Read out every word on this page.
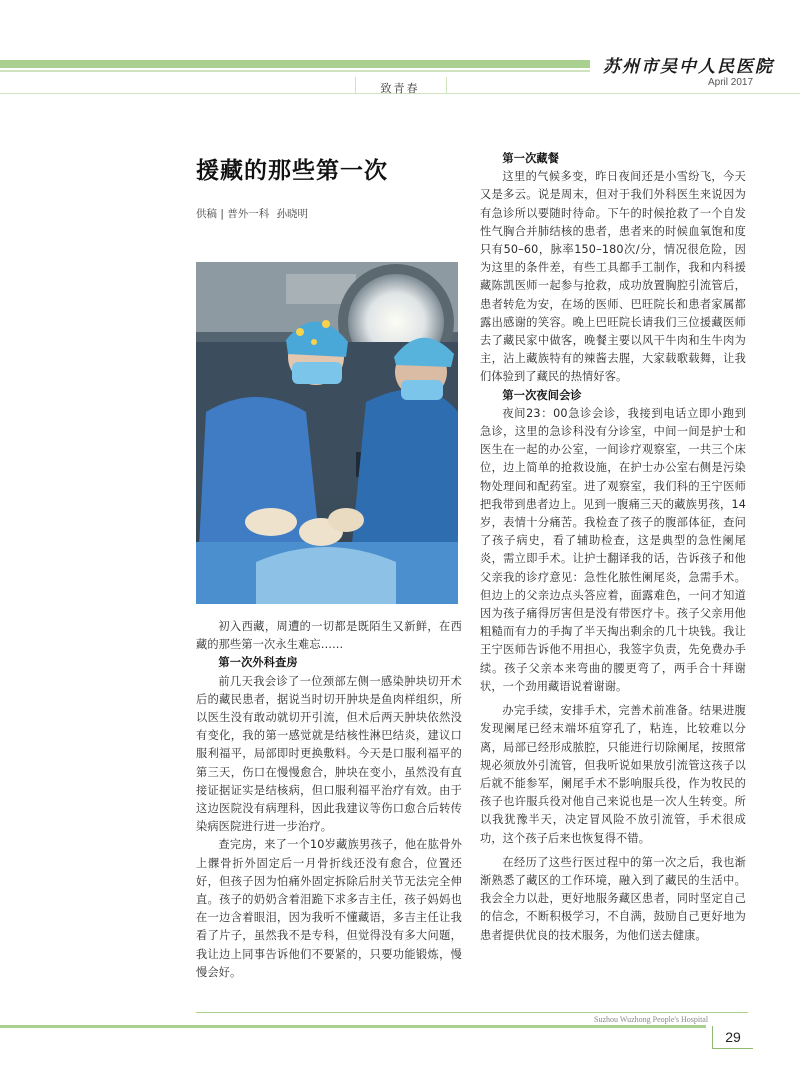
苏州市吴中人民医院
April 2017
致青春
援藏的那些第一次
供稿 | 普外一科 孙晓明

初入西藏，周遭的一切都是既陌生又新鲜，在西藏的那些第一次永生难忘……

第一次外科查房

前几天我会诊了一位颈部左侧一感染肿块切开术后的藏民患者，据说当时切开肿块是鱼肉样组织，所以医生没有敢动就切开引流，但术后两天肿块依然没有变化，我的第一感觉就是结核性淋巴结炎，建议口服利福平，局部即时更换敷料。今天是口服利福平的第三天，伤口在慢慢愈合，肿块在变小，虽然没有直接证据证实是结核病，但口服利福平治疗有效。由于这边医院没有病理科，因此我建议等伤口愈合后转传染病医院进行进一步治疗。

查完房，来了一个10岁藏族男孩子，他在肱骨外上髁骨折外固定后一月骨折线还没有愈合，位置还好，但孩子因为怕痛外固定拆除后肘关节无法完全伸直。孩子的奶奶含着泪跪下求多吉主任，孩子妈妈也在一边含着眼泪，因为我听不懂藏语，多吉主任让我看了片子，虽然我不是专科，但觉得没有多大问题，我让边上同事告诉他们不要紧的，只要功能锻炼，慢慢会好。

第一次藏餐

这里的气候多变，昨日夜间还是小雪纷飞，今天又是多云。说是周末，但对于我们外科医生来说因为有急诊所以要随时待命。下午的时候抢救了一个自发性气胸合并肺结核的患者，患者来的时候血氧饱和度只有50–60，脉率150–180次/分，情况很危险，因为这里的条件差，有些工具都手工制作，我和内科援藏陈凯医师一起参与抢救，成功放置胸腔引流管后，患者转危为安，在场的医师、巴旺院长和患者家属都露出感谢的笑容。晚上巴旺院长请我们三位援藏医师去了藏民家中做客，晚餐主要以风干牛肉和生牛肉为主，沾上藏族特有的辣酱去腥，大家载歌载舞，让我们体验到了藏民的热情好客。

第一次夜间会诊

夜间23：00急诊会诊，我接到电话立即小跑到急诊，这里的急诊科没有分诊室，中间一间是护士和医生在一起的办公室，一间诊疗观察室，一共三个床位，边上简单的抢救设施，在护士办公室右侧是污染物处理间和配药室。进了观察室，我们科的王宁医师把我带到患者边上。见到一腹痛三天的藏族男孩，14岁，表情十分痛苦。我检查了孩子的腹部体征，查问了孩子病史，看了辅助检查，这是典型的急性阑尾炎，需立即手术。让护士翻译我的话，告诉孩子和他父亲我的诊疗意见：急性化脓性阑尾炎，急需手术。但边上的父亲边点头答应着，面露难色，一问才知道因为孩子痛得厉害但是没有带医疗卡。孩子父亲用他粗糙而有力的手掏了半天掏出剩余的几十块钱。我让王宁医师告诉他不用担心，我签字负责，先免费办手续。孩子父亲本来弯曲的腰更弯了，两手合十拜谢状，一个劲用藏语说着谢谢。

办完手续，安排手术，完善术前准备。结果进腹发现阑尾已经末端坏疽穿孔了，粘连，比较难以分离，局部已经形成脓腔，只能进行切除阑尾，按照常规必须放外引流管，但我听说如果放引流管这孩子以后就不能参军，阑尾手术不影响服兵役，作为牧民的孩子也许服兵役对他自己来说也是一次人生转变。所以我犹豫半天，决定冒风险不放引流管，手术很成功，这个孩子后来也恢复得不错。

在经历了这些行医过程中的第一次之后，我也渐渐熟悉了藏区的工作环境，融入到了藏民的生活中。我会全力以赴，更好地服务藏区患者，同时坚定自己的信念，不断积极学习，不自满，鼓励自己更好地为患者提供优良的技术服务，为他们送去健康。

Suzhou Wuzhong People's Hospital
29
